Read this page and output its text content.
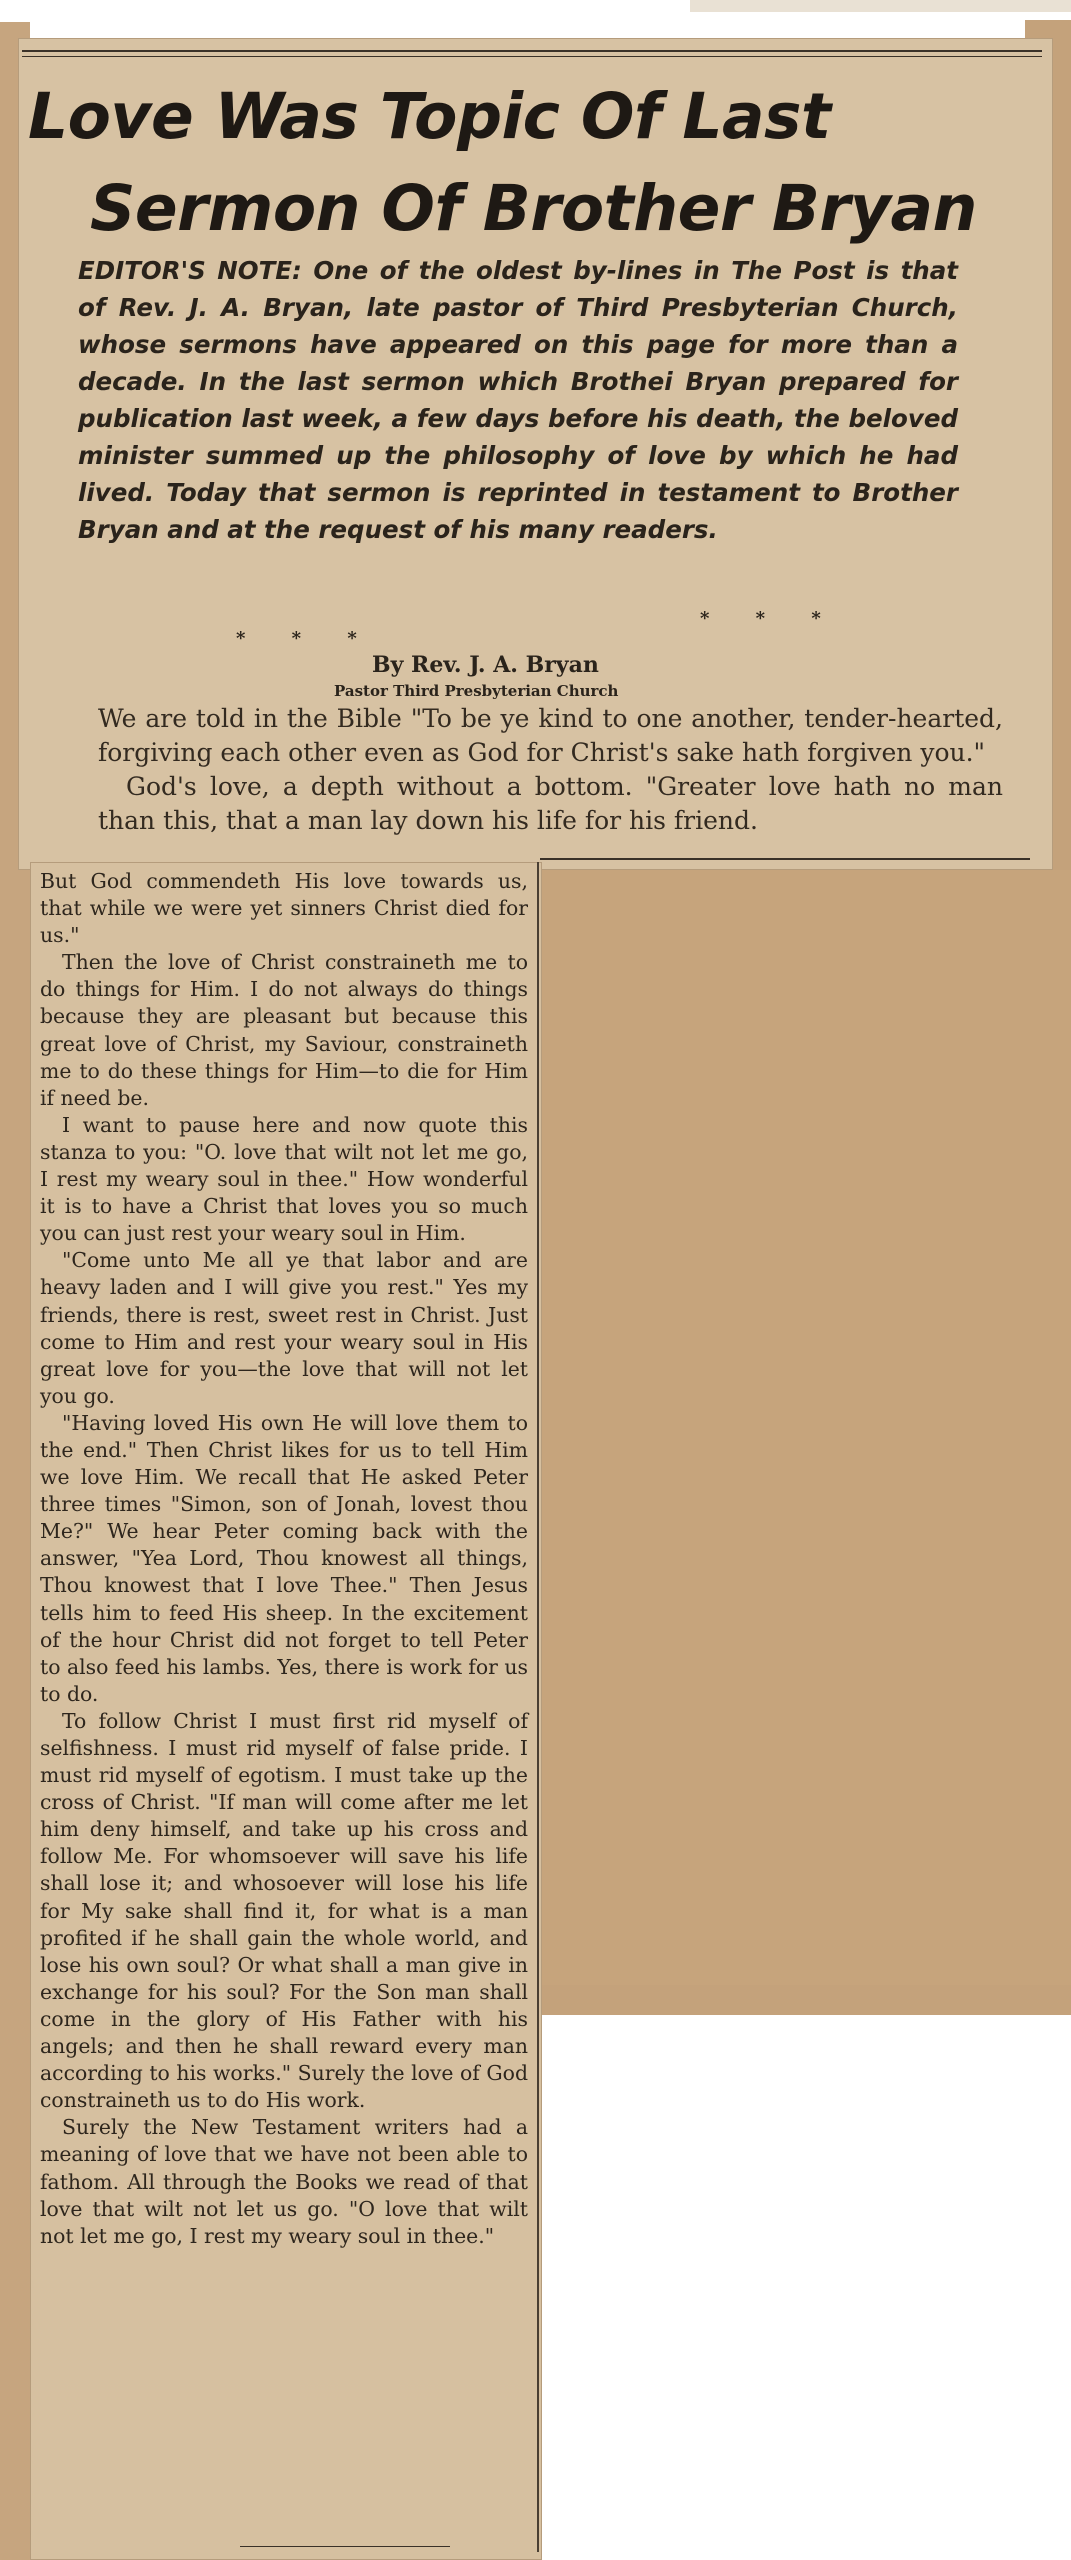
Love Was Topic Of Last
Sermon Of Brother Bryan
EDITOR'S NOTE: One of the oldest by-lines in The Post is that of Rev. J. A. Bryan, late pastor of Third Presbyterian Church, whose sermons have appeared on this page for more than a decade. In the last sermon which Brothei Bryan prepared for publication last week, a few days before his death, the beloved minister summed up the philosophy of love by which he had lived. Today that sermon is reprinted in testament to Brother Bryan and at the request of his many readers.
* * *
* * *
By Rev. J. A. Bryan
Pastor Third Presbyterian Church

We are told in the Bible "To be ye kind to one another, tender-hearted, forgiving each other even as God for Christ's sake hath forgiven you."

God's love, a depth without a bottom. "Greater love hath no man than this, that a man lay down his life for his friend.

But God commendeth His love towards us, that while we were yet sinners Christ died for us."

Then the love of Christ constraineth me to do things for Him. I do not always do things because they are pleasant but because this great love of Christ, my Saviour, constraineth me to do these things for Him—to die for Him if need be.

I want to pause here and now quote this stanza to you: "O. love that wilt not let me go, I rest my weary soul in thee." How wonderful it is to have a Christ that loves you so much you can just rest your weary soul in Him.

"Come unto Me all ye that labor and are heavy laden and I will give you rest." Yes my friends, there is rest, sweet rest in Christ. Just come to Him and rest your weary soul in His great love for you—the love that will not let you go.

"Having loved His own He will love them to the end." Then Christ likes for us to tell Him we love Him. We recall that He asked Peter three times "Simon, son of Jonah, lovest thou Me?" We hear Peter coming back with the answer, "Yea Lord, Thou knowest all things, Thou knowest that I love Thee." Then Jesus tells him to feed His sheep. In the excitement of the hour Christ did not forget to tell Peter to also feed his lambs. Yes, there is work for us to do.

To follow Christ I must first rid myself of selfishness. I must rid myself of false pride. I must rid myself of egotism. I must take up the cross of Christ. "If man will come after me let him deny himself, and take up his cross and follow Me. For whomsoever will save his life shall lose it; and whosoever will lose his life for My sake shall find it, for what is a man profited if he shall gain the whole world, and lose his own soul? Or what shall a man give in exchange for his soul? For the Son man shall come in the glory of His Father with his angels; and then he shall reward every man according to his works." Surely the love of God constraineth us to do His work.

Surely the New Testament writers had a meaning of love that we have not been able to fathom. All through the Books we read of that love that wilt not let us go. "O love that wilt not let me go, I rest my weary soul in thee."
